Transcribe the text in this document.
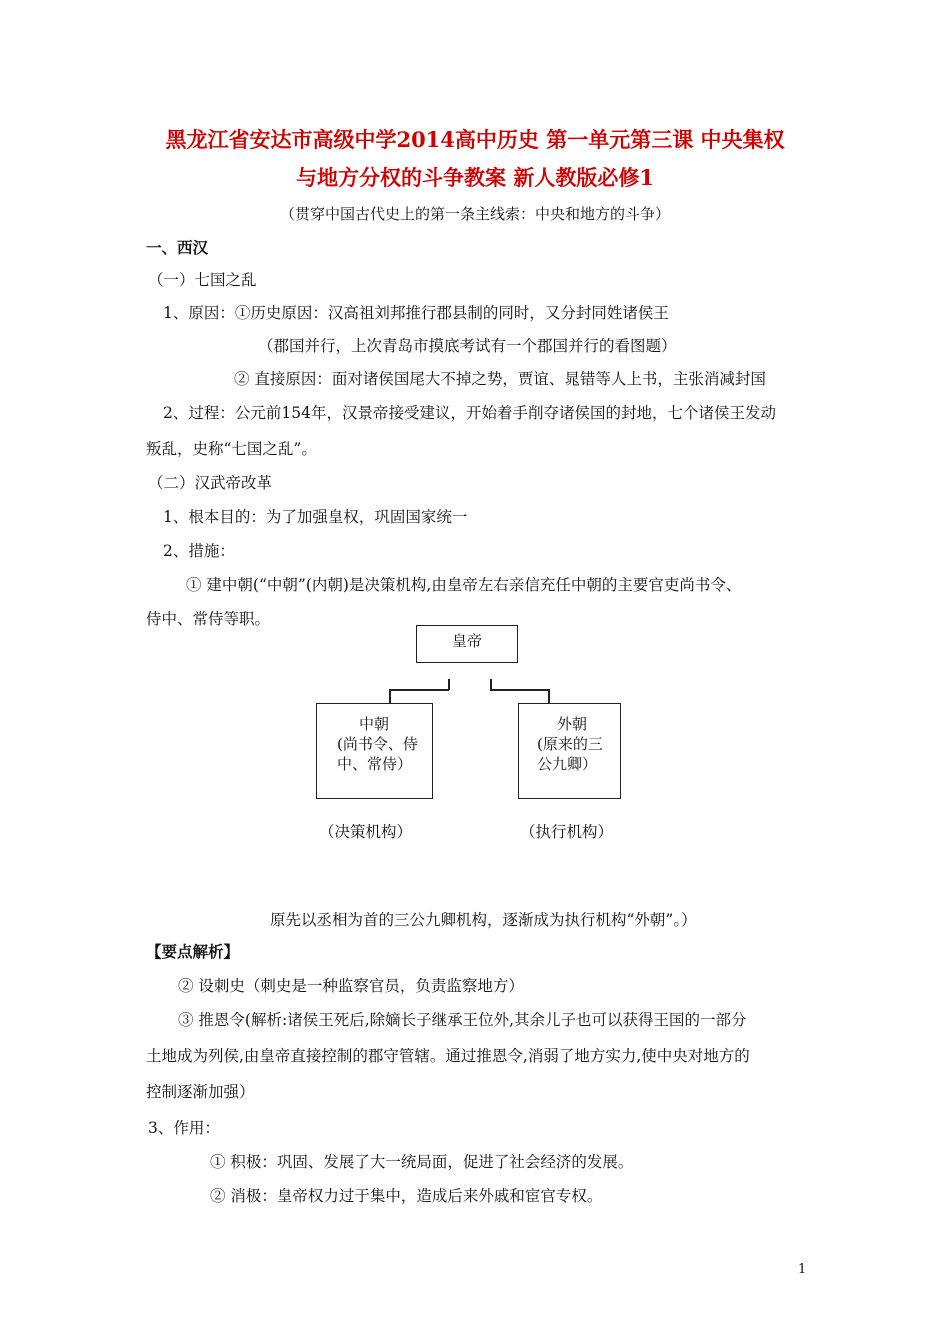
黑龙江省安达市高级中学2014高中历史 第一单元第三课 中央集权
与地方分权的斗争教案 新人教版必修1
（贯穿中国古代史上的第一条主线索：中央和地方的斗争）
一、西汉
（一）七国之乱
1、原因：①历史原因：汉高祖刘邦推行郡县制的同时，又分封同姓诸侯王
（郡国并行，上次青岛市摸底考试有一个郡国并行的看图题）
② 直接原因：面对诸侯国尾大不掉之势，贾谊、晁错等人上书，主张消减封国
2、过程：公元前154年，汉景帝接受建议，开始着手削夺诸侯国的封地，七个诸侯王发动
叛乱，史称“七国之乱”。
（二）汉武帝改革
1、根本目的：为了加强皇权，巩固国家统一
2、措施：
① 建中朝(“中朝”(内朝)是决策机构,由皇帝左右亲信充任中朝的主要官吏尚书令、
侍中、常侍等职。
皇帝
中朝
(尚书令、侍
中、常侍）
外朝
(原来的三
公九卿）
（决策机构）	（执行机构）
原先以丞相为首的三公九卿机构，逐渐成为执行机构“外朝”。）
【要点解析】
② 设刺史（刺史是一种监察官员，负责监察地方）
③ 推恩令(解析:诸侯王死后,除嫡长子继承王位外,其余儿子也可以获得王国的一部分
土地成为列侯,由皇帝直接控制的郡守管辖。通过推恩令,消弱了地方实力,使中央对地方的
控制逐渐加强）
3、作用：
① 积极：巩固、发展了大一统局面，促进了社会经济的发展。
② 消极：皇帝权力过于集中，造成后来外戚和宦官专权。
1
